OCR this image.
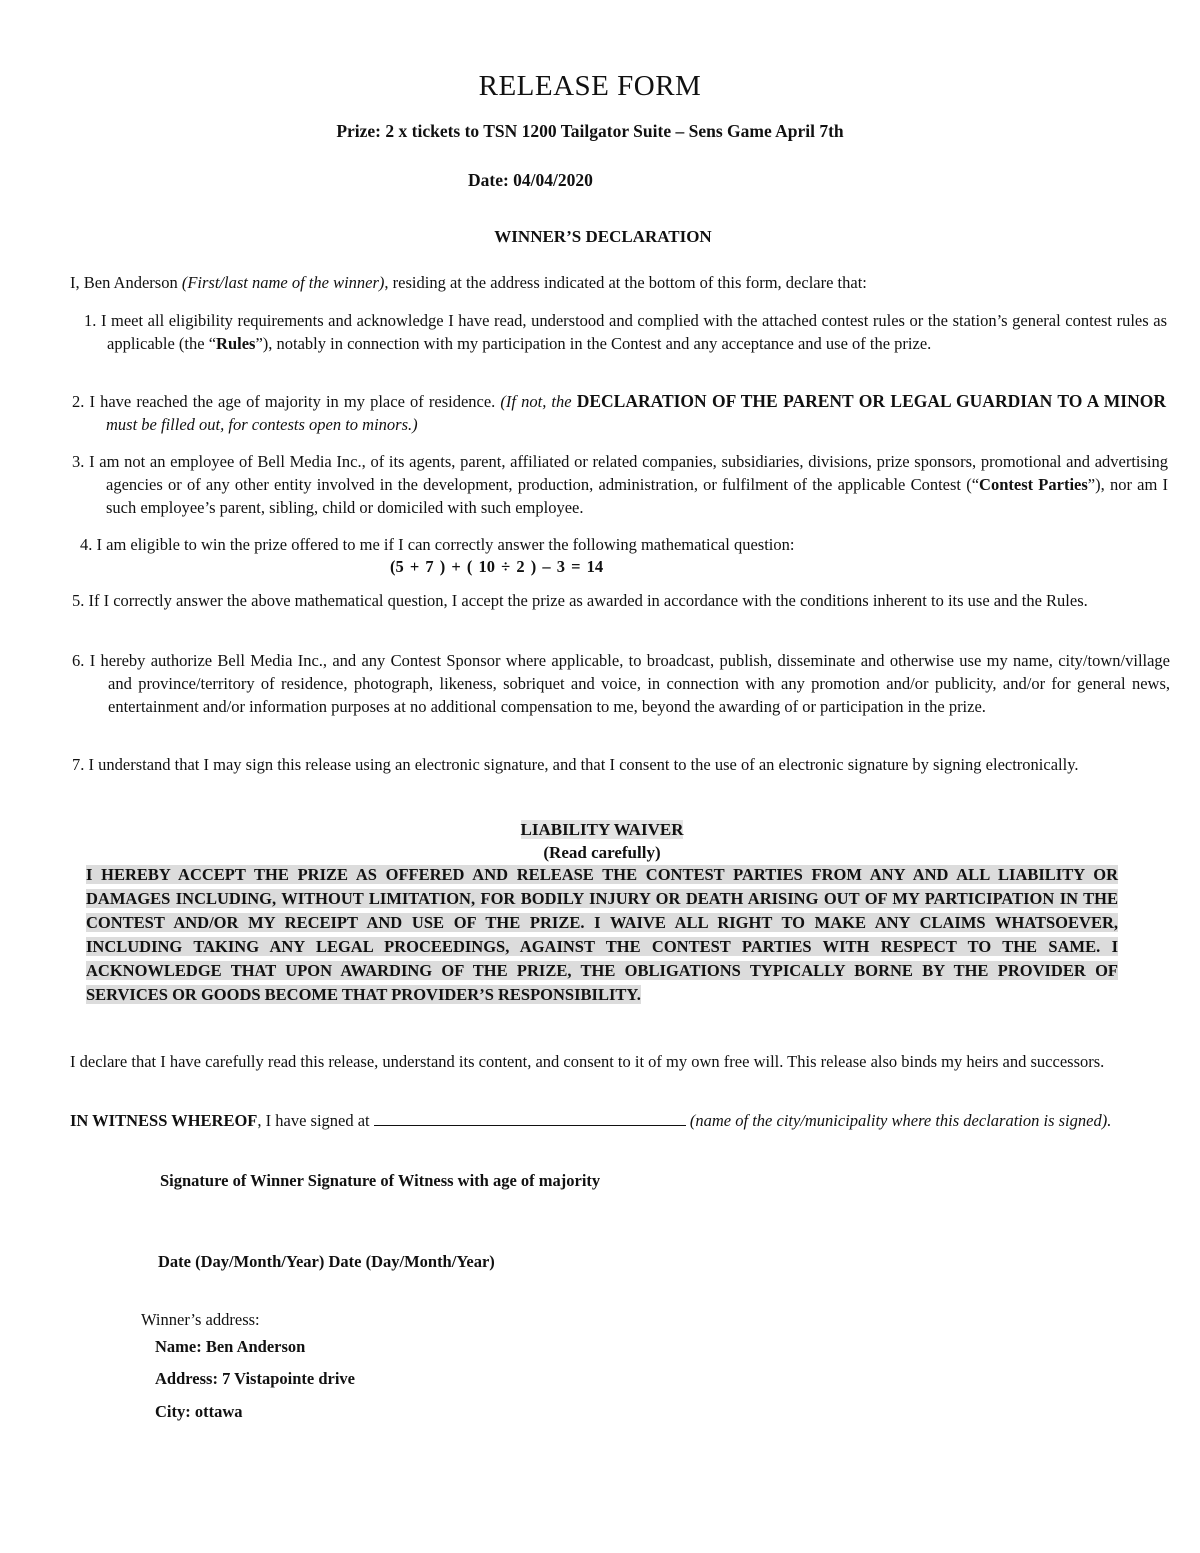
RELEASE FORM
Prize: 2 x tickets to TSN 1200 Tailgator Suite – Sens Game April 7th
Date: 04/04/2020
WINNER’S DECLARATION
I, Ben Anderson (First/last name of the winner), residing at the address indicated at the bottom of this form, declare that:
1. I meet all eligibility requirements and acknowledge I have read, understood and complied with the attached contest rules or the station’s general contest rules as applicable (the “Rules”), notably in connection with my participation in the Contest and any acceptance and use of the prize.
2. I have reached the age of majority in my place of residence. (If not, the DECLARATION OF THE PARENT OR LEGAL GUARDIAN TO A MINOR must be filled out, for contests open to minors.)
3. I am not an employee of Bell Media Inc., of its agents, parent, affiliated or related companies, subsidiaries, divisions, prize sponsors, promotional and advertising agencies or of any other entity involved in the development, production, administration, or fulfilment of the applicable Contest (“Contest Parties”), nor am I such employee’s parent, sibling, child or domiciled with such employee.
4. I am eligible to win the prize offered to me if I can correctly answer the following mathematical question:
(5 + 7 ) + ( 10 ÷ 2 ) – 3 = 14
5. If I correctly answer the above mathematical question, I accept the prize as awarded in accordance with the conditions inherent to its use and the Rules.
6. I hereby authorize Bell Media Inc., and any Contest Sponsor where applicable, to broadcast, publish, disseminate and otherwise use my name, city/town/village and province/territory of residence, photograph, likeness, sobriquet and voice, in connection with any promotion and/or publicity, and/or for general news, entertainment and/or information purposes at no additional compensation to me, beyond the awarding of or participation in the prize.
7. I understand that I may sign this release using an electronic signature, and that I consent to the use of an electronic signature by signing electronically.
LIABILITY WAIVER
(Read carefully)
I HEREBY ACCEPT THE PRIZE AS OFFERED AND RELEASE THE CONTEST PARTIES FROM ANY AND ALL LIABILITY OR DAMAGES INCLUDING, WITHOUT LIMITATION, FOR BODILY INJURY OR DEATH ARISING OUT OF MY PARTICIPATION IN THE CONTEST AND/OR MY RECEIPT AND USE OF THE PRIZE. I WAIVE ALL RIGHT TO MAKE ANY CLAIMS WHATSOEVER, INCLUDING TAKING ANY LEGAL PROCEEDINGS, AGAINST THE CONTEST PARTIES WITH RESPECT TO THE SAME. I ACKNOWLEDGE THAT UPON AWARDING OF THE PRIZE, THE OBLIGATIONS TYPICALLY BORNE BY THE PROVIDER OF SERVICES OR GOODS BECOME THAT PROVIDER’S RESPONSIBILITY.
I declare that I have carefully read this release, understand its content, and consent to it of my own free will. This release also binds my heirs and successors.
IN WITNESS WHEREOF, I have signed at	(name of the city/municipality where this declaration is signed).
Signature of Winner Signature of Witness with age of majority
Date (Day/Month/Year) Date (Day/Month/Year)
Winner’s address:
Name: Ben Anderson
Address: 7 Vistapointe drive
City: ottawa
